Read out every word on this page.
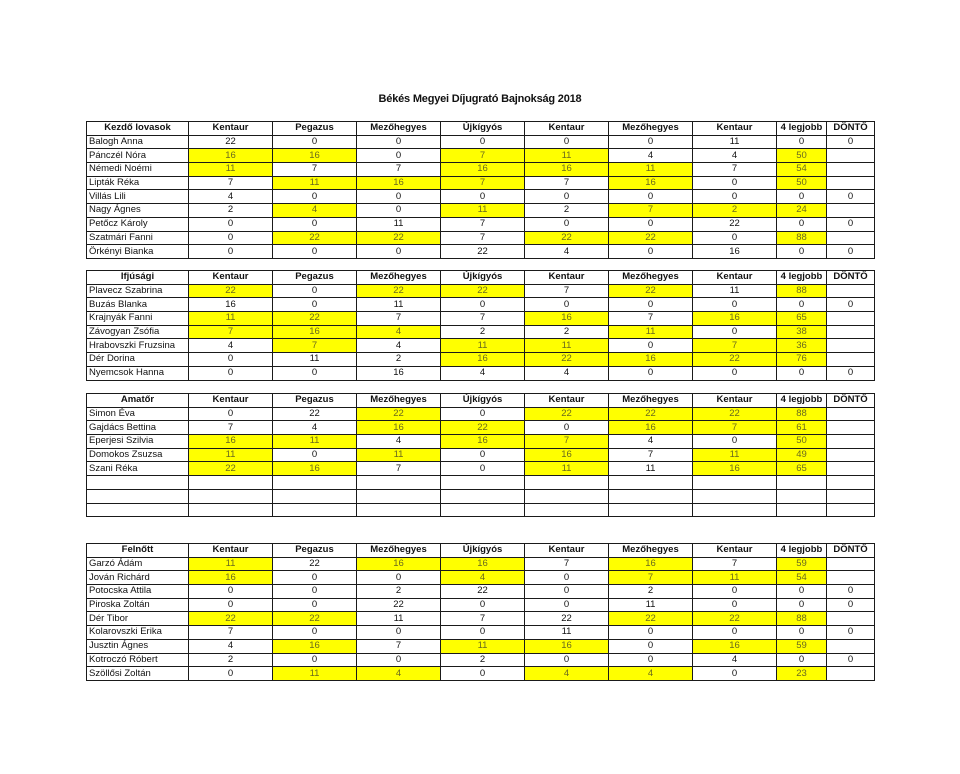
Békés Megyei Díjugrató Bajnokság 2018
Kezdő lovasok	Kentaur	Pegazus	Mezőhegyes	Újkígyós	Kentaur	Mezőhegyes	Kentaur	4 legjobb	DÖNTŐ
Balogh Anna	22	0	0	0	0	0	11	0	0
Pánczél Nóra	16	16	0	7	11	4	4	50	
Némedi Noémi	11	7	7	16	16	11	7	54	
Lipták Réka	7	11	16	7	7	16	0	50	
Villás Lili	4	0	0	0	0	0	0	0	0
Nagy Ágnes	2	4	0	11	2	7	2	24	
Petőcz Károly	0	0	11	7	0	0	22	0	0
Szatmári Fanni	0	22	22	7	22	22	0	88	
Örkényi Bianka	0	0	0	22	4	0	16	0	0
Ifjúsági	Kentaur	Pegazus	Mezőhegyes	Újkígyós	Kentaur	Mezőhegyes	Kentaur	4 legjobb	DÖNTŐ
Plavecz Szabrina	22	0	22	22	7	22	11	88	
Buzás Blanka	16	0	11	0	0	0	0	0	0
Krajnyák Fanni	11	22	7	7	16	7	16	65	
Závogyan Zsófia	7	16	4	2	2	11	0	38	
Hrabovszki Fruzsina	4	7	4	11	11	0	7	36	
Dér Dorina	0	11	2	16	22	16	22	76	
Nyemcsok Hanna	0	0	16	4	4	0	0	0	0
Amatőr	Kentaur	Pegazus	Mezőhegyes	Újkígyós	Kentaur	Mezőhegyes	Kentaur	4 legjobb	DÖNTŐ
Simon Éva	0	22	22	0	22	22	22	88	
Gajdács Bettina	7	4	16	22	0	16	7	61	
Eperjesi Szilvia	16	11	4	16	7	4	0	50	
Domokos Zsuzsa	11	0	11	0	16	7	11	49	
Szani Réka	22	16	7	0	11	11	16	65	

Felnőtt	Kentaur	Pegazus	Mezőhegyes	Újkígyós	Kentaur	Mezőhegyes	Kentaur	4 legjobb	DÖNTŐ
Garzó Ádám	11	22	16	16	7	16	7	59	
Jován Richárd	16	0	0	4	0	7	11	54	
Potocska Attila	0	0	2	22	0	2	0	0	0
Piroska Zoltán	0	0	22	0	0	11	0	0	0
Dér Tibor	22	22	11	7	22	22	22	88	
Kolarovszki Erika	7	0	0	0	11	0	0	0	0
Jusztin Ágnes	4	16	7	11	16	0	16	59	
Kotroczó Róbert	2	0	0	2	0	0	4	0	0
Szöllősi Zoltán	0	11	4	0	4	4	0	23	
